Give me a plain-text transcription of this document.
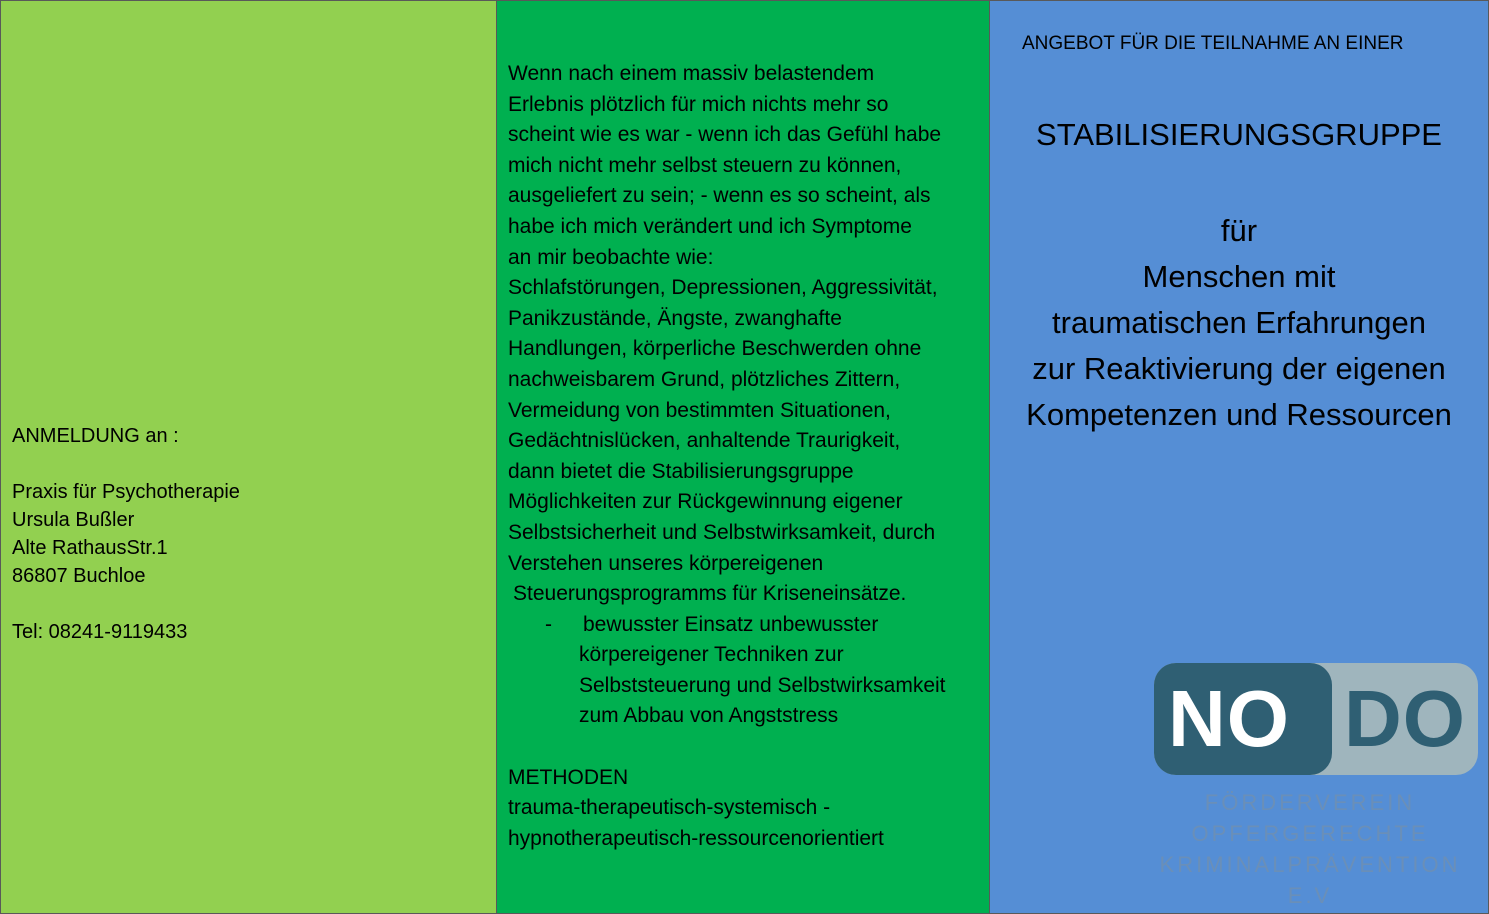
ANMELDUNG an :
Praxis für Psychotherapie
Ursula Bußler
Alte RathausStr.1
86807 Buchloe
Tel: 08241-9119433
Wenn nach einem massiv belastendem
Erlebnis plötzlich für mich nichts mehr so
scheint wie es war - wenn ich das Gefühl habe
mich nicht mehr selbst steuern zu können,
ausgeliefert zu sein; - wenn es so scheint, als
habe ich mich verändert und ich Symptome
an mir beobachte wie:
Schlafstörungen, Depressionen, Aggressivität,
Panikzustände, Ängste, zwanghafte
Handlungen, körperliche Beschwerden ohne
nachweisbarem Grund, plötzliches Zittern,
Vermeidung von bestimmten Situationen,
Gedächtnislücken, anhaltende Traurigkeit,
dann bietet die Stabilisierungsgruppe
Möglichkeiten zur Rückgewinnung eigener
Selbstsicherheit und Selbstwirksamkeit, durch
Verstehen unseres körpereigenen
Steuerungsprogramms für Kriseneinsätze.
- bewusster Einsatz unbewusster
körpereigener Techniken zur
Selbststeuerung und Selbstwirksamkeit
zum Abbau von Angststress
METHODEN
trauma-therapeutisch-systemisch -
hypnotherapeutisch-ressourcenorientiert
ANGEBOT FÜR DIE TEILNAHME AN EINER
STABILISIERUNGSGRUPPE
für
Menschen mit
traumatischen Erfahrungen
zur Reaktivierung der eigenen
Kompetenzen und Ressourcen
NO DO
FÖRDERVEREIN
OPFERGERECHTE
KRIMINALPRÄVENTION E.V
